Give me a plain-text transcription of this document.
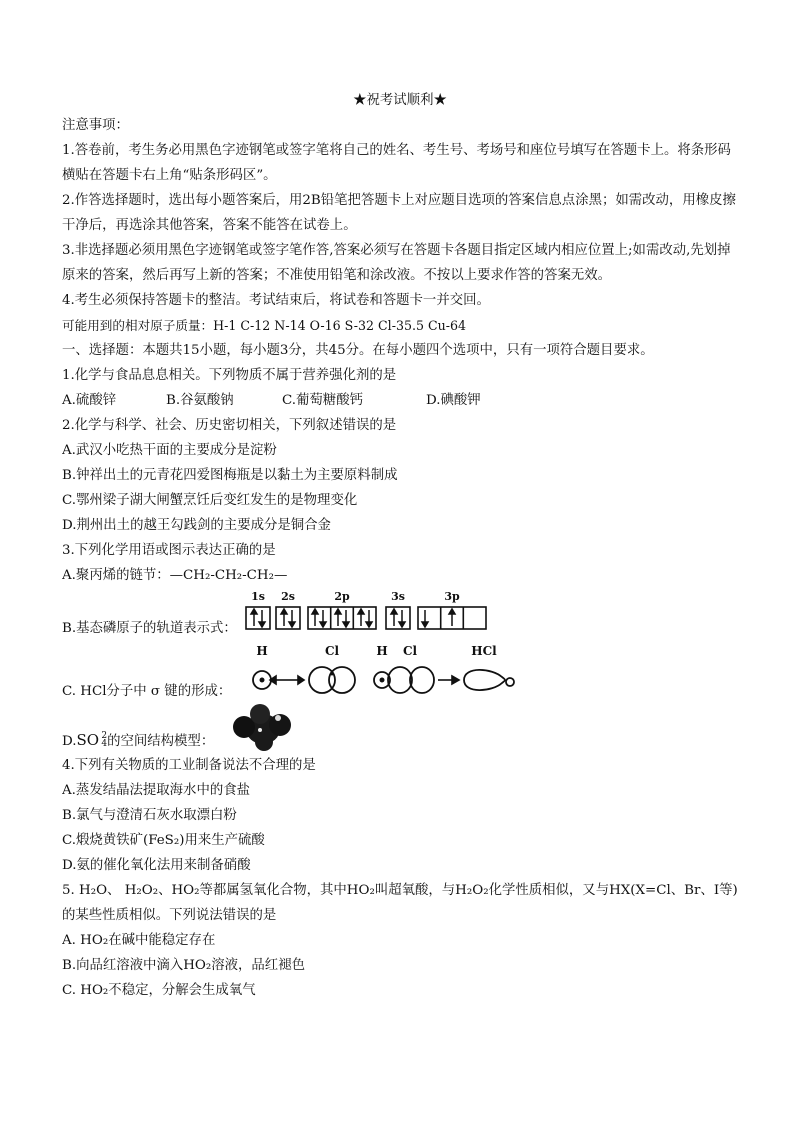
★祝考试顺利★
注意事项：
1.答卷前，考生务必用黑色字迹钢笔或签字笔将自己的姓名、考生号、考场号和座位号填写在答题卡上。将条形码横贴在答题卡右上角“贴条形码区”。
2.作答选择题时，选出每小题答案后，用2B铅笔把答题卡上对应题目选项的答案信息点涂黑；如需改动，用橡皮擦干净后，再选涂其他答案，答案不能答在试卷上。
3.非选择题必须用黑色字迹钢笔或签字笔作答,答案必须写在答题卡各题目指定区域内相应位置上;如需改动,先划掉原来的答案，然后再写上新的答案；不准使用铅笔和涂改液。不按以上要求作答的答案无效。
4.考生必须保持答题卡的整洁。考试结束后，将试卷和答题卡一并交回。
可能用到的相对原子质量：H-1 C-12 N-14 O-16 S-32 Cl-35.5 Cu-64
一、选择题：本题共15小题，每小题3分，共45分。在每小题四个选项中，只有一项符合题目要求。
1.化学与食品息息相关。下列物质不属于营养强化剂的是
A.硫酸锌	B.谷氨酸钠	C.葡萄糖酸钙	D.碘酸钾
2.化学与科学、社会、历史密切相关，下列叙述错误的是
A.武汉小吃热干面的主要成分是淀粉
B.钟祥出土的元青花四爱图梅瓶是以黏土为主要原料制成
C.鄂州梁子湖大闸蟹烹饪后变红发生的是物理变化
D.荆州出土的越王勾践剑的主要成分是铜合金
3.下列化学用语或图示表达正确的是
A.聚丙烯的链节：—CH₂-CH₂-CH₂—
B.基态磷原子的轨道表示式：
1s 2s	2p	3s	3p
C. HCl分子中 σ 键的形成：
H	Cl	H Cl	HCl
D.SO 2
4 的空间结构模型：
4.下列有关物质的工业制备说法不合理的是
A.蒸发结晶法提取海水中的食盐
B.氯气与澄清石灰水取漂白粉
C.煅烧黄铁矿(FeS₂)用来生产硫酸
D.氨的催化氧化法用来制备硝酸
5. H₂O、 H₂O₂、HO₂等都属氢氧化合物，其中HO₂叫超氧酸，与H₂O₂化学性质相似，又与HX(X=Cl、Br、I等)的某些性质相似。下列说法错误的是
A. HO₂在碱中能稳定存在
B.向品红溶液中滴入HO₂溶液，品红褪色
C. HO₂不稳定，分解会生成氧气
